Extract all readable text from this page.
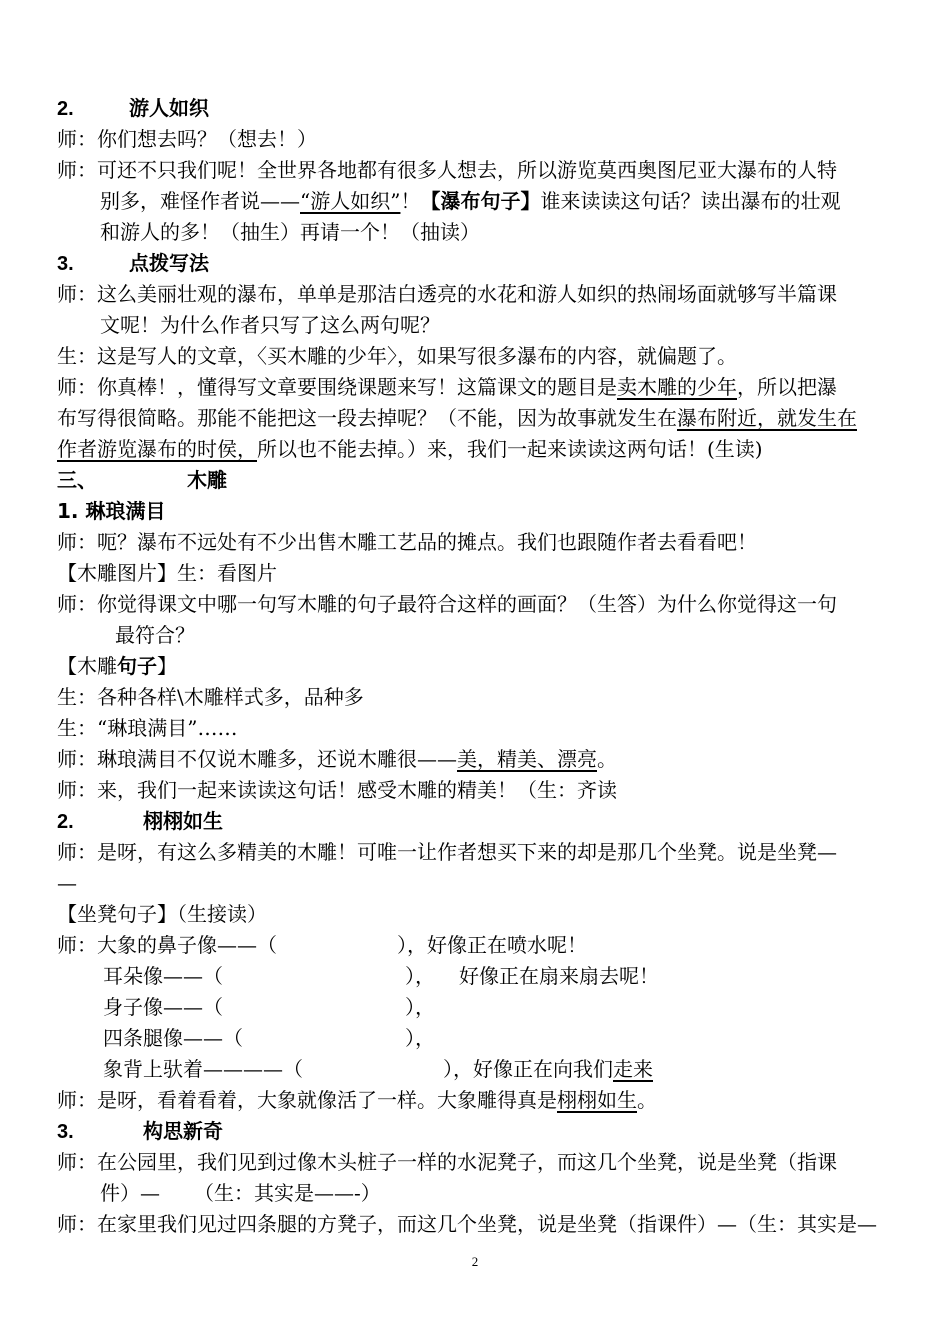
2.	游人如织
师：你们想去吗？（想去！）
师：可还不只我们呢！全世界各地都有很多人想去，所以游览莫西奥图尼亚大瀑布的人特
别多，难怪作者说——“游人如织”！【瀑布句子】谁来读读这句话？读出瀑布的壮观
和游人的多！（抽生）再请一个！（抽读）
3.	点拨写法
师：这么美丽壮观的瀑布，单单是那洁白透亮的水花和游人如织的热闹场面就够写半篇课
文呢！为什么作者只写了这么两句呢？
生：这是写人的文章，〈买木雕的少年〉，如果写很多瀑布的内容，就偏题了。
师：你真棒！，懂得写文章要围绕课题来写！这篇课文的题目是卖木雕的少年，所以把瀑
布写得很简略。那能不能把这一段去掉呢？（不能，因为故事就发生在瀑布附近，就发生在
作者游览瀑布的时侯，所以也不能去掉。）来，我们一起来读读这两句话！(生读)
三、	木雕
1. 琳琅满目
师：呃？瀑布不远处有不少出售木雕工艺品的摊点。我们也跟随作者去看看吧！
【木雕图片】生：看图片
师：你觉得课文中哪一句写木雕的句子最符合这样的画面？（生答）为什么你觉得这一句
最符合？
【木雕句子】
生：各种各样\木雕样式多，品种多
生：“琳琅满目”……
师：琳琅满目不仅说木雕多，还说木雕很——美，精美、漂亮。
师：来，我们一起来读读这句话！感受木雕的精美！（生：齐读
2.	栩栩如生
师：是呀，有这么多精美的木雕！可唯一让作者想买下来的却是那几个坐凳。说是坐凳—
—
【坐凳句子】（生接读）
师：大象的鼻子像——（	），好像正在喷水呢！
耳朵像——（	）， 好像正在扇来扇去呢！
身子像——（	），
四条腿像——（	），
象背上驮着————（	），好像正在向我们走来
师：是呀，看着看着，大象就像活了一样。大象雕得真是栩栩如生。
3.	构思新奇
师：在公园里，我们见到过像木头桩子一样的水泥凳子，而这几个坐凳，说是坐凳（指课
件）— （生：其实是——-）
师：在家里我们见过四条腿的方凳子，而这几个坐凳，说是坐凳（指课件）—（生：其实是—
2
